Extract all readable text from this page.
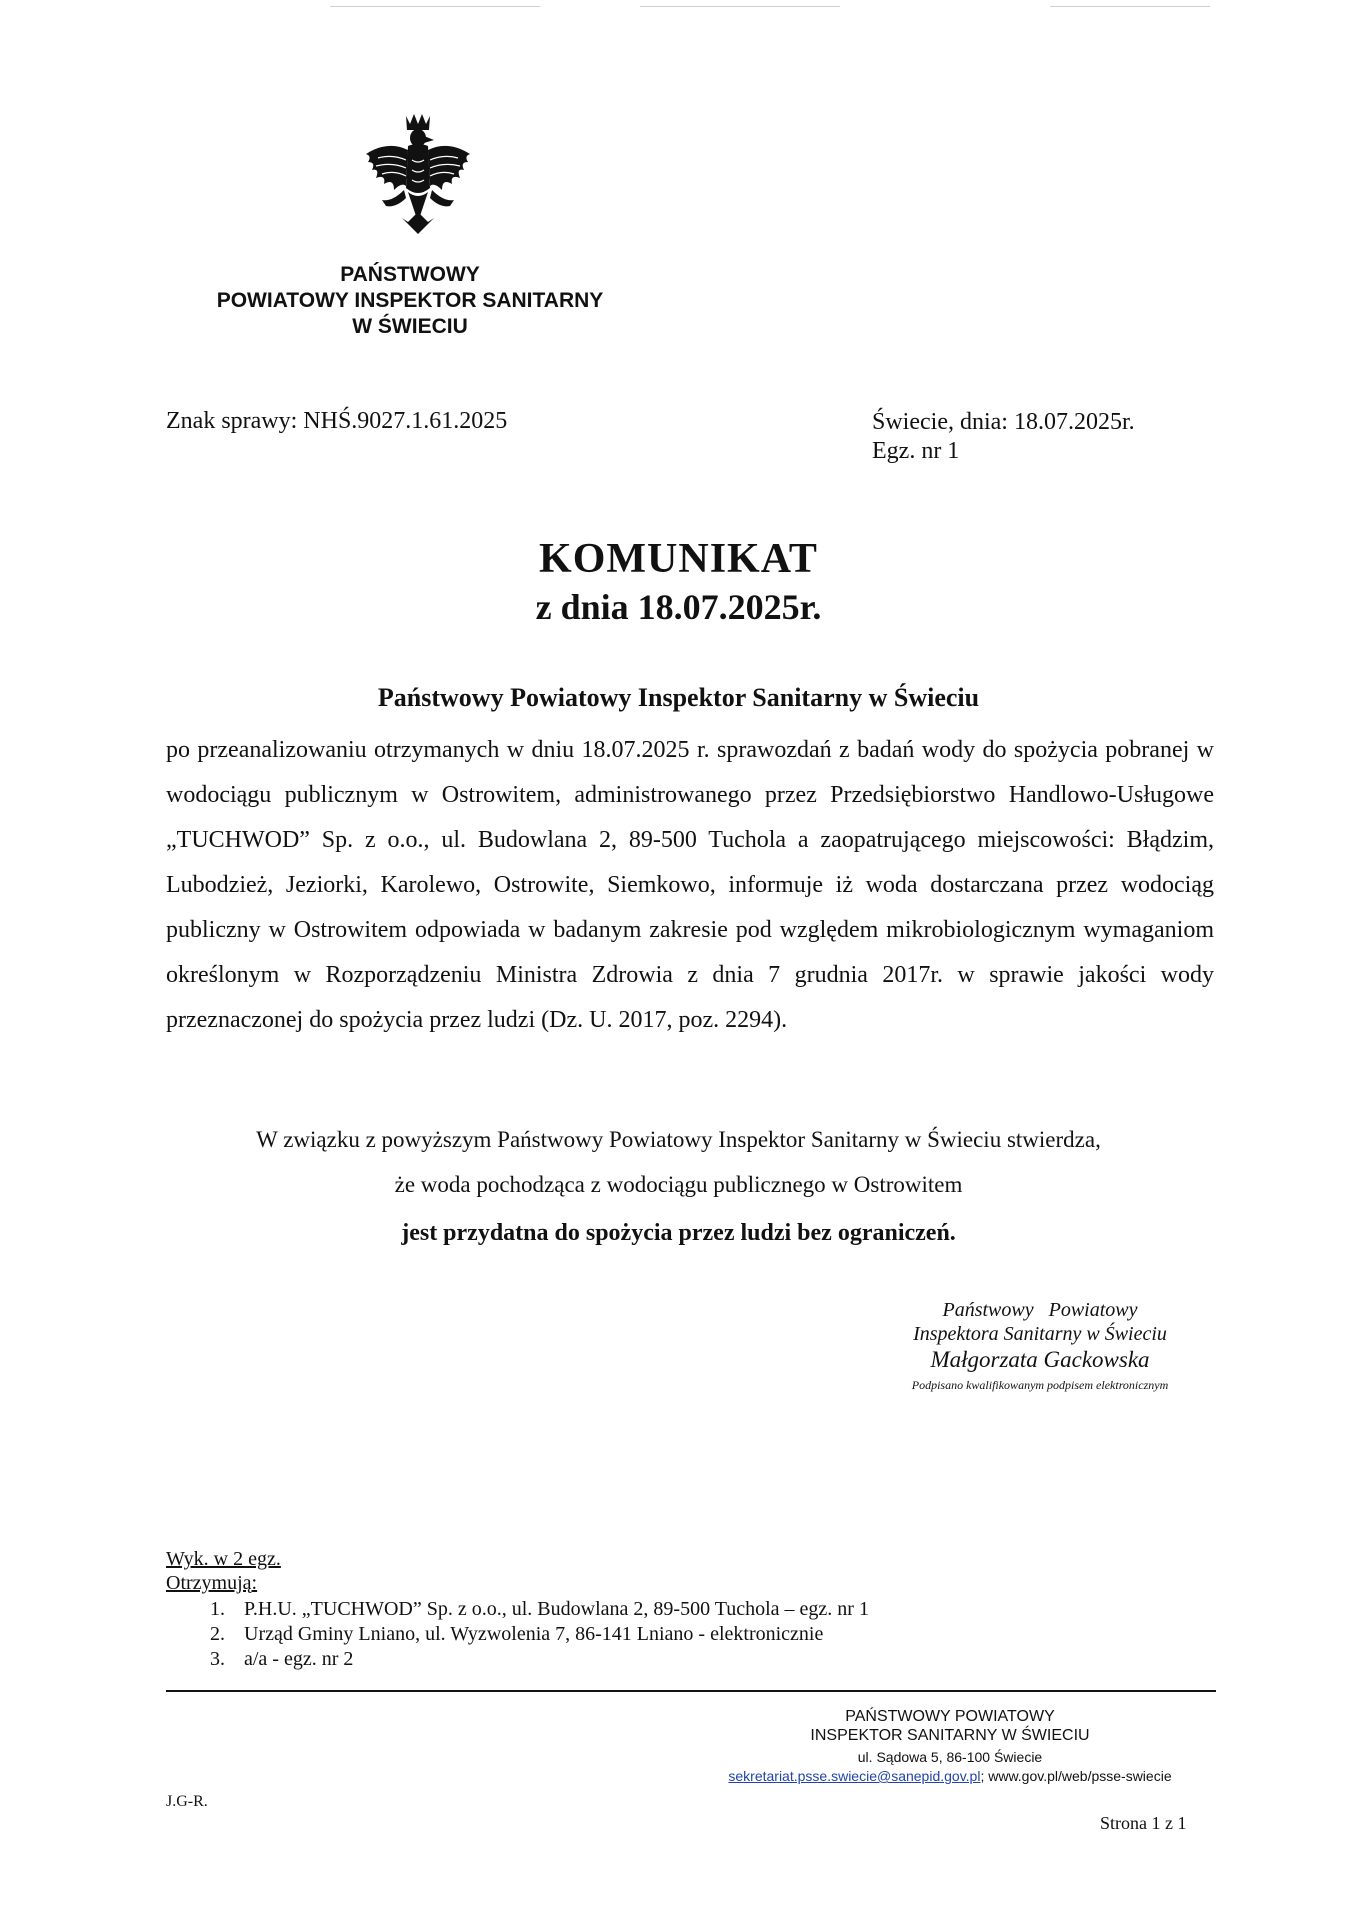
PAŃSTWOWY
POWIATOWY INSPEKTOR SANITARNY
W ŚWIECIU
Znak sprawy: NHŚ.9027.1.61.2025	Świecie, dnia: 18.07.2025r.
Egz. nr 1
KOMUNIKAT
z dnia 18.07.2025r.
Państwowy Powiatowy Inspektor Sanitarny w Świeciu
po przeanalizowaniu otrzymanych w dniu 18.07.2025 r. sprawozdań z badań wody do spożycia pobranej w wodociągu publicznym w Ostrowitem, administrowanego przez Przedsiębiorstwo Handlowo-Usługowe „TUCHWOD” Sp. z o.o., ul. Budowlana 2, 89-500 Tuchola a zaopatrującego miejscowości: Błądzim, Lubodzież, Jeziorki, Karolewo, Ostrowite, Siemkowo, informuje iż woda dostarczana przez wodociąg publiczny w Ostrowitem odpowiada w badanym zakresie pod względem mikrobiologicznym wymaganiom określonym w Rozporządzeniu Ministra Zdrowia z dnia 7 grudnia 2017r. w sprawie jakości wody przeznaczonej do spożycia przez ludzi (Dz. U. 2017, poz. 2294).
W związku z powyższym Państwowy Powiatowy Inspektor Sanitarny w Świeciu stwierdza,
że woda pochodząca z wodociągu publicznego w Ostrowitem
jest przydatna do spożycia przez ludzi bez ograniczeń.
Państwowy   Powiatowy
Inspektora Sanitarny w Świeciu
Małgorzata Gackowska
Podpisano kwalifikowanym podpisem elektronicznym
Wyk. w 2 egz.
Otrzymują:
1. P.H.U. „TUCHWOD” Sp. z o.o., ul. Budowlana 2, 89-500 Tuchola – egz. nr 1
2. Urząd Gminy Lniano, ul. Wyzwolenia 7, 86-141 Lniano - elektronicznie
3. a/a - egz. nr 2
PAŃSTWOWY POWIATOWY
INSPEKTOR SANITARNY W ŚWIECIU
ul. Sądowa 5, 86-100 Świecie
sekretariat.psse.swiecie@sanepid.gov.pl; www.gov.pl/web/psse-swiecie
J.G-R.
Strona 1 z 1
